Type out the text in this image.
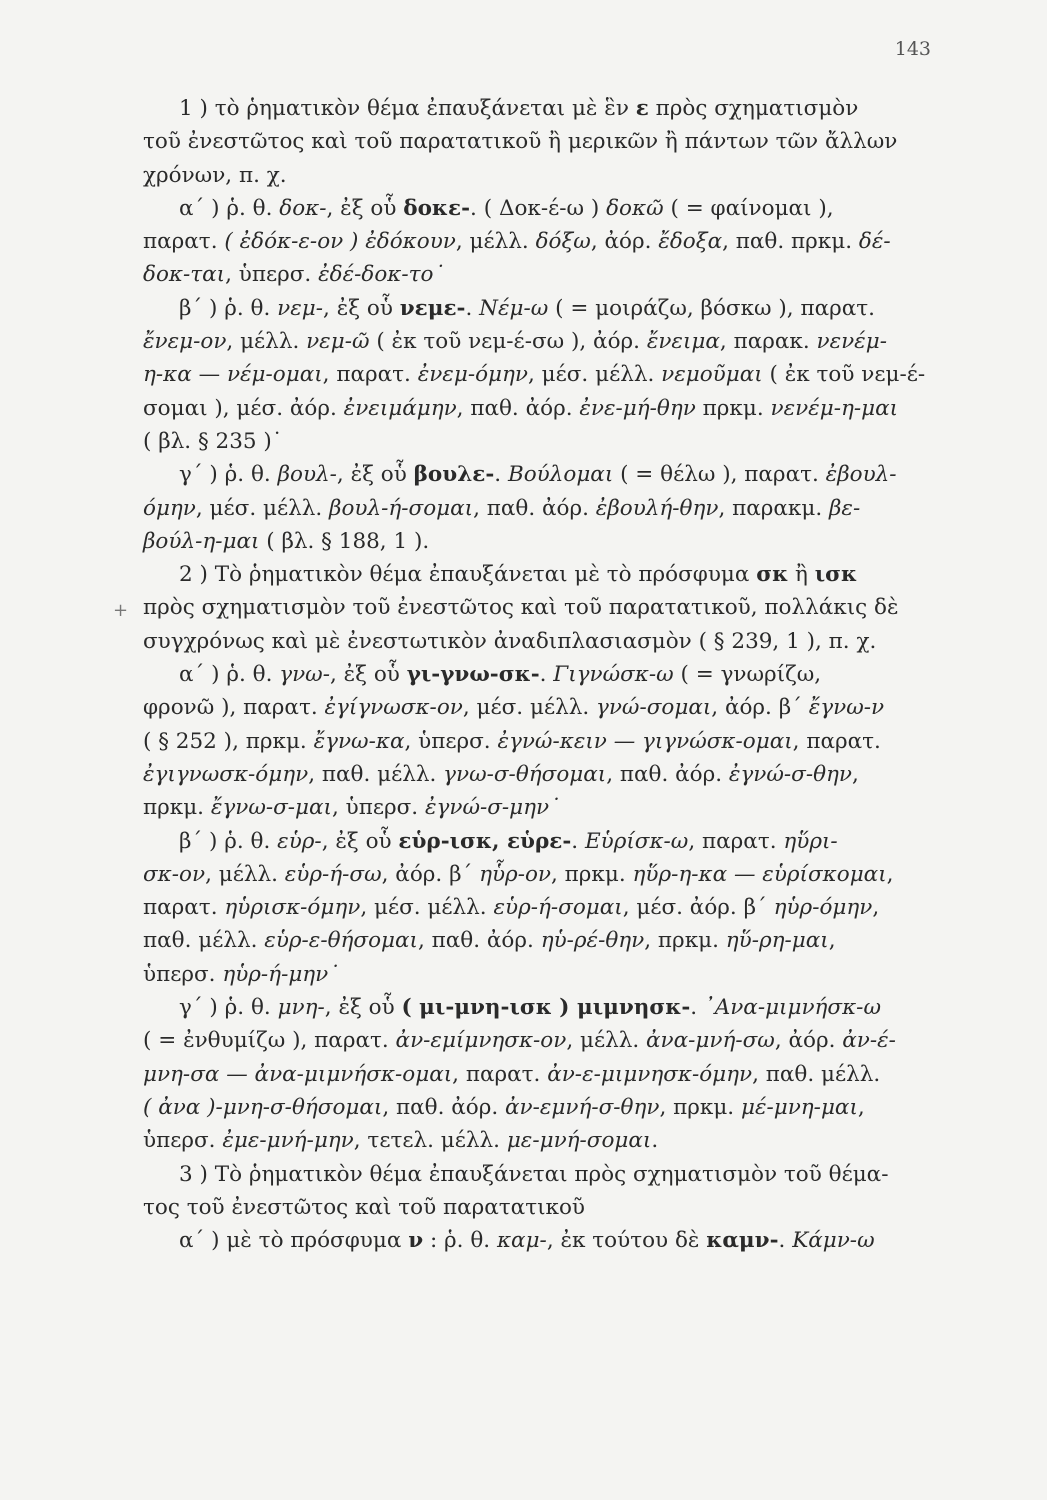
143
+
1 ) τὸ ῥηματικὸν θέμα ἐπαυξάνεται μὲ ἓν ε πρὸς σχηματισμὸν
τοῦ ἐνεστῶτος καὶ τοῦ παρατατικοῦ ἢ μερικῶν ἢ πάντων τῶν ἄλλων
χρόνων, π. χ.
α΄ ) ῥ. θ. δοκ-, ἐξ οὗ δοκε-. ( Δοκ-έ-ω ) δοκῶ ( = φαίνομαι ),
παρατ. ( ἐδόκ-ε-ον ) ἐδόκουν, μέλλ. δόξω, ἀόρ. ἔδοξα, παθ. πρκμ. δέ-
δοκ-ται, ὑπερσ. ἐδέ-δοκ-το˙
β΄ ) ῥ. θ. νεμ-, ἐξ οὗ νεμε-. Νέμ-ω ( = μοιράζω, βόσκω ), παρατ.
ἔνεμ-ον, μέλλ. νεμ-ῶ ( ἐκ τοῦ νεμ-έ-σω ), ἀόρ. ἔνειμα, παρακ. νενέμ-
η-κα — νέμ-ομαι, παρατ. ἐνεμ-όμην, μέσ. μέλλ. νεμοῦμαι ( ἐκ τοῦ νεμ-έ-
σομαι ), μέσ. ἀόρ. ἐνειμάμην, παθ. ἀόρ. ἐνε-μή-θην πρκμ. νενέμ-η-μαι
( βλ. § 235 )˙
γ΄ ) ῥ. θ. βουλ-, ἐξ οὗ βουλε-. Βούλομαι ( = θέλω ), παρατ. ἐβουλ-
όμην, μέσ. μέλλ. βουλ-ή-σομαι, παθ. ἀόρ. ἐβουλή-θην, παρακμ. βε-
βούλ-η-μαι ( βλ. § 188, 1 ).
2 ) Τὸ ῥηματικὸν θέμα ἐπαυξάνεται μὲ τὸ πρόσφυμα σκ ἢ ισκ
πρὸς σχηματισμὸν τοῦ ἐνεστῶτος καὶ τοῦ παρατατικοῦ, πολλάκις δὲ
συγχρόνως καὶ μὲ ἐνεστωτικὸν ἀναδιπλασιασμὸν ( § 239, 1 ), π. χ.
α΄ ) ῥ. θ. γνω-, ἐξ οὗ γι-γνω-σκ-. Γιγνώσκ-ω ( = γνωρίζω,
φρονῶ ), παρατ. ἐγίγνωσκ-ον, μέσ. μέλλ. γνώ-σομαι, ἀόρ. β΄ ἔγνω-ν
( § 252 ), πρκμ. ἔγνω-κα, ὑπερσ. ἐγνώ-κειν — γιγνώσκ-ομαι, παρατ.
ἐγιγνωσκ-όμην, παθ. μέλλ. γνω-σ-θήσομαι, παθ. ἀόρ. ἐγνώ-σ-θην,
πρκμ. ἔγνω-σ-μαι, ὑπερσ. ἐγνώ-σ-μην˙
β΄ ) ῥ. θ. εὑρ-, ἐξ οὗ εὑρ-ισκ, εὑρε-. Εὑρίσκ-ω, παρατ. ηὕρι-
σκ-ον, μέλλ. εὑρ-ή-σω, ἀόρ. β΄ ηὗρ-ον, πρκμ. ηὕρ-η-κα — εὑρίσκομαι,
παρατ. ηὑρισκ-όμην, μέσ. μέλλ. εὑρ-ή-σομαι, μέσ. ἀόρ. β΄ ηὑρ-όμην,
παθ. μέλλ. εὑρ-ε-θήσομαι, παθ. ἀόρ. ηὑ-ρέ-θην, πρκμ. ηὕ-ρη-μαι,
ὑπερσ. ηὑρ-ή-μην˙
γ΄ ) ῥ. θ. μνη-, ἐξ οὗ ( μι-μνη-ισκ ) μιμνησκ-. ᾿Ανα-μιμνήσκ-ω
( = ἐνθυμίζω ), παρατ. ἀν-εμίμνησκ-ον, μέλλ. ἀνα-μνή-σω, ἀόρ. ἀν-έ-
μνη-σα — ἀνα-μιμνήσκ-ομαι, παρατ. ἀν-ε-μιμνησκ-όμην, παθ. μέλλ.
( ἀνα )-μνη-σ-θήσομαι, παθ. ἀόρ. ἀν-εμνή-σ-θην, πρκμ. μέ-μνη-μαι,
ὑπερσ. ἐμε-μνή-μην, τετελ. μέλλ. με-μνή-σομαι.
3 ) Τὸ ῥηματικὸν θέμα ἐπαυξάνεται πρὸς σχηματισμὸν τοῦ θέμα-
τος τοῦ ἐνεστῶτος καὶ τοῦ παρατατικοῦ
α΄ ) μὲ τὸ πρόσφυμα ν : ῥ. θ. καμ-, ἐκ τούτου δὲ καμν-. Κάμν-ω
